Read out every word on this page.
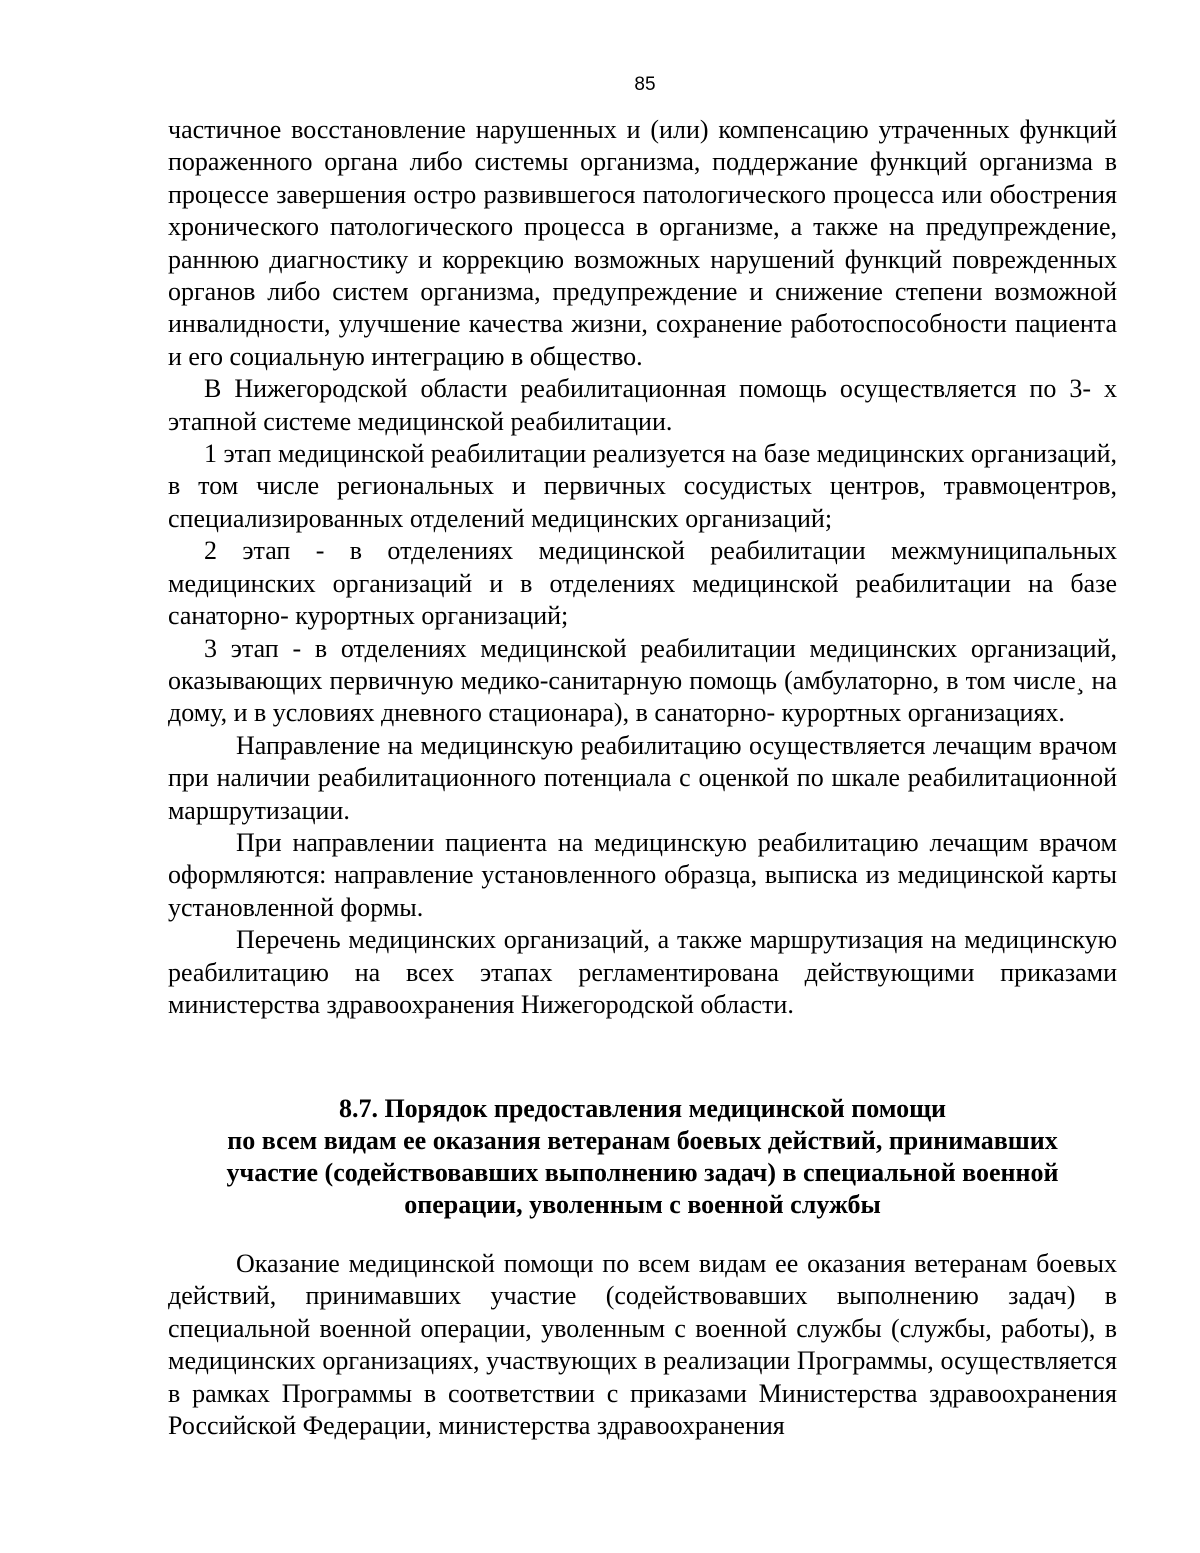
85

частичное восстановление нарушенных и (или) компенсацию утраченных функций пораженного органа либо системы организма, поддержание функций организма в процессе завершения остро развившегося патологического процесса или обострения хронического патологического процесса в организме, а также на предупреждение, раннюю диагностику и коррекцию возможных нарушений функций поврежденных органов либо систем организма, предупреждение и снижение степени возможной инвалидности, улучшение качества жизни, сохранение работоспособности пациента и его социальную интеграцию в общество.

В Нижегородской области реабилитационная помощь осуществляется по 3- х этапной системе медицинской реабилитации.

1 этап медицинской реабилитации реализуется на базе медицинских организаций, в том числе региональных и первичных сосудистых центров, травмоцентров, специализированных отделений медицинских организаций;

2 этап - в отделениях медицинской реабилитации межмуниципальных медицинских организаций и в отделениях медицинской реабилитации на базе санаторно- курортных организаций;

3 этап - в отделениях медицинской реабилитации медицинских организаций, оказывающих первичную медико-санитарную помощь (амбулаторно, в том числе¸ на дому, и в условиях дневного стационара), в санаторно- курортных организациях.

Направление на медицинскую реабилитацию осуществляется лечащим врачом при наличии реабилитационного потенциала с оценкой по шкале реабилитационной маршрутизации.

При направлении пациента на медицинскую реабилитацию лечащим врачом оформляются: направление установленного образца, выписка из медицинской карты установленной формы.

Перечень медицинских организаций, а также маршрутизация на медицинскую реабилитацию на всех этапах регламентирована действующими приказами министерства здравоохранения Нижегородской области.

8.7. Порядок предоставления медицинской помощи
по всем видам ее оказания ветеранам боевых действий, принимавших
участие (содействовавших выполнению задач) в специальной военной
операции, уволенным с военной службы

Оказание медицинской помощи по всем видам ее оказания ветеранам боевых действий, принимавших участие (содействовавших выполнению задач) в специальной военной операции, уволенным с военной службы (службы, работы), в медицинских организациях, участвующих в реализации Программы, осуществляется в рамках Программы в соответствии с приказами Министерства здравоохранения Российской Федерации, министерства здравоохранения
